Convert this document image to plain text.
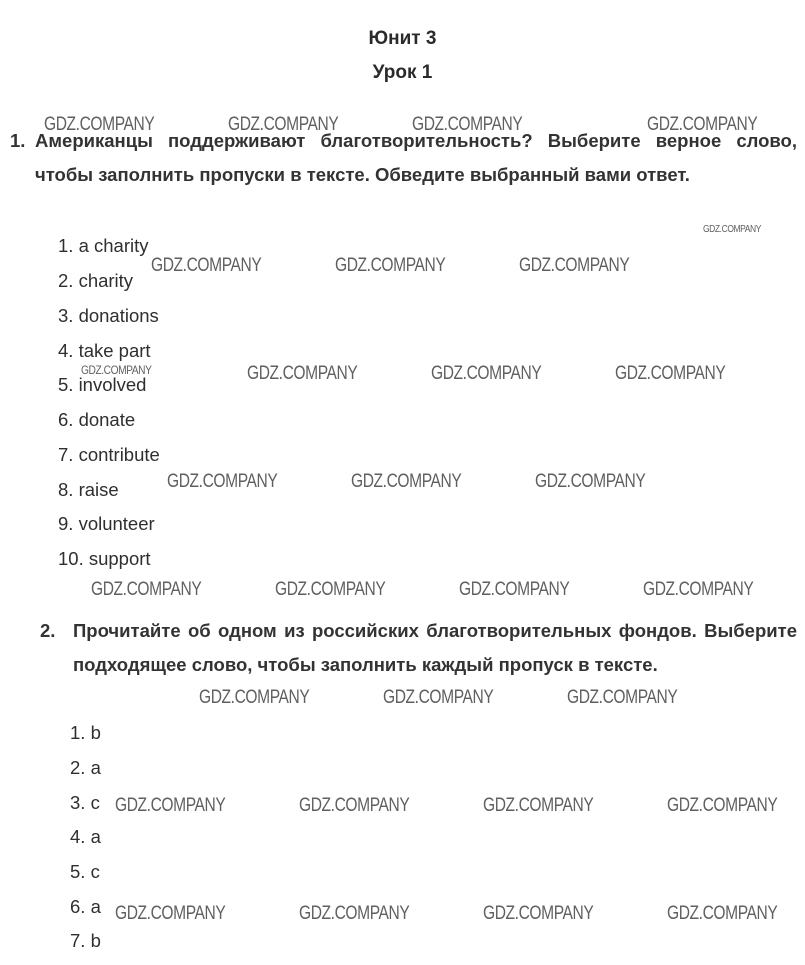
Юнит 3
Урок 1
1. Американцы поддерживают благотворительность? Выберите верное слово, чтобы заполнить пропуски в тексте. Обведите выбранный вами ответ.
1. a charity
2. charity
3. donations
4. take part
5. involved
6. donate
7. contribute
8. raise
9. volunteer
10. support
2. Прочитайте об одном из российских благотворительных фондов. Выберите подходящее слово, чтобы заполнить каждый пропуск в тексте.
1. b
2. a
3. c
4. a
5. c
6. a
7. b
GDZ.COMPANY	GDZ.COMPANY	GDZ.COMPANY	GDZ.COMPANY
GDZ.COMPANY
GDZ.COMPANY	GDZ.COMPANY	GDZ.COMPANY
GDZ.COMPANY	GDZ.COMPANY	GDZ.COMPANY	GDZ.COMPANY
GDZ.COMPANY	GDZ.COMPANY	GDZ.COMPANY
GDZ.COMPANY	GDZ.COMPANY	GDZ.COMPANY	GDZ.COMPANY
GDZ.COMPANY	GDZ.COMPANY	GDZ.COMPANY
GDZ.COMPANY	GDZ.COMPANY	GDZ.COMPANY	GDZ.COMPANY
GDZ.COMPANY	GDZ.COMPANY	GDZ.COMPANY	GDZ.COMPANY
